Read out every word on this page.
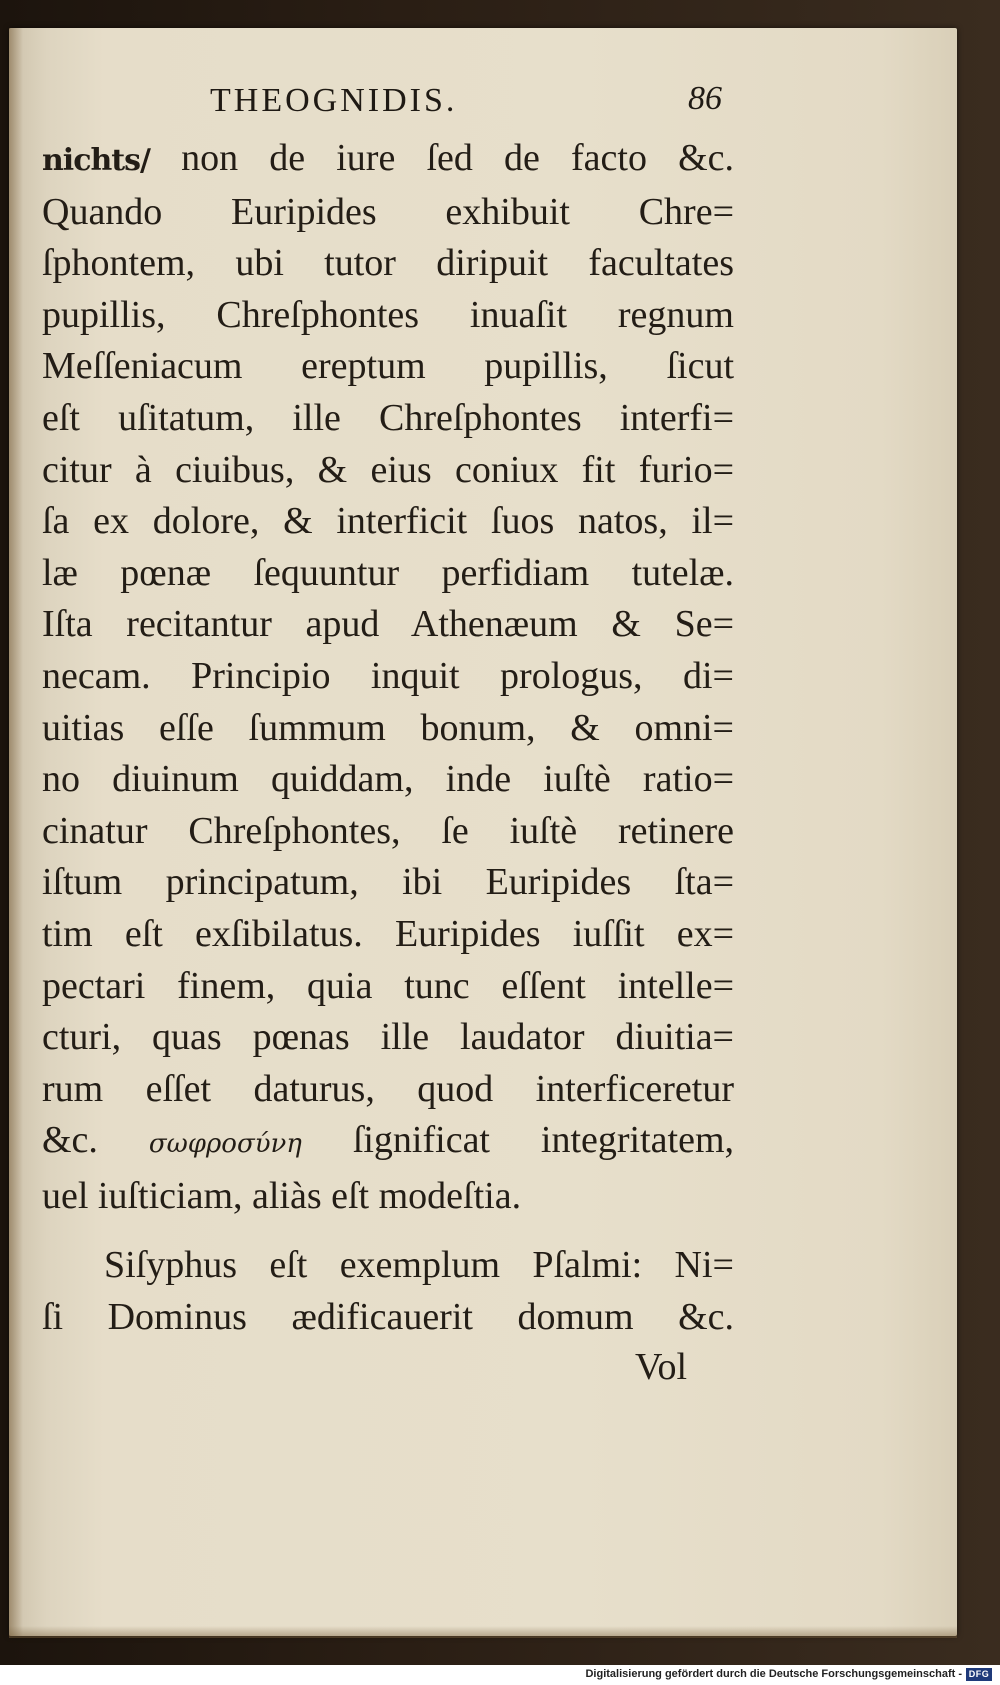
THEOGNIDIS.	86
nichts/ non de iure ſed de facto &c.
Quando Euripides exhibuit Chre=
ſphontem, ubi tutor diripuit facultates
pupillis, Chreſphontes inuaſit regnum
Meſſeniacum ereptum pupillis, ſicut
eſt uſitatum, ille Chreſphontes interfi=
citur à ciuibus, & eius coniux fit furio=
ſa ex dolore, & interficit ſuos natos, il=
læ pœnæ ſequuntur perfidiam tutelæ.
Iſta recitantur apud Athenæum & Se=
necam. Principio inquit prologus, di=
uitias eſſe ſummum bonum, & omni=
no diuinum quiddam, inde iuſtè ratio=
cinatur Chreſphontes, ſe iuſtè retinere
iſtum principatum, ibi Euripides ſta=
tim eſt exſibilatus. Euripides iuſſit ex=
pectari finem, quia tunc eſſent intelle=
cturi, quas pœnas ille laudator diuitia=
rum eſſet daturus, quod interficeretur
&c. σωφροσύνη ſignificat integritatem,
uel iuſticiam, aliàs eſt modeſtia.
Siſyphus eſt exemplum Pſalmi: Ni=
ſi Dominus ædificauerit domum &c.
Vol
Digitalisierung gefördert durch die Deutsche Forschungsgemeinschaft - DFG
